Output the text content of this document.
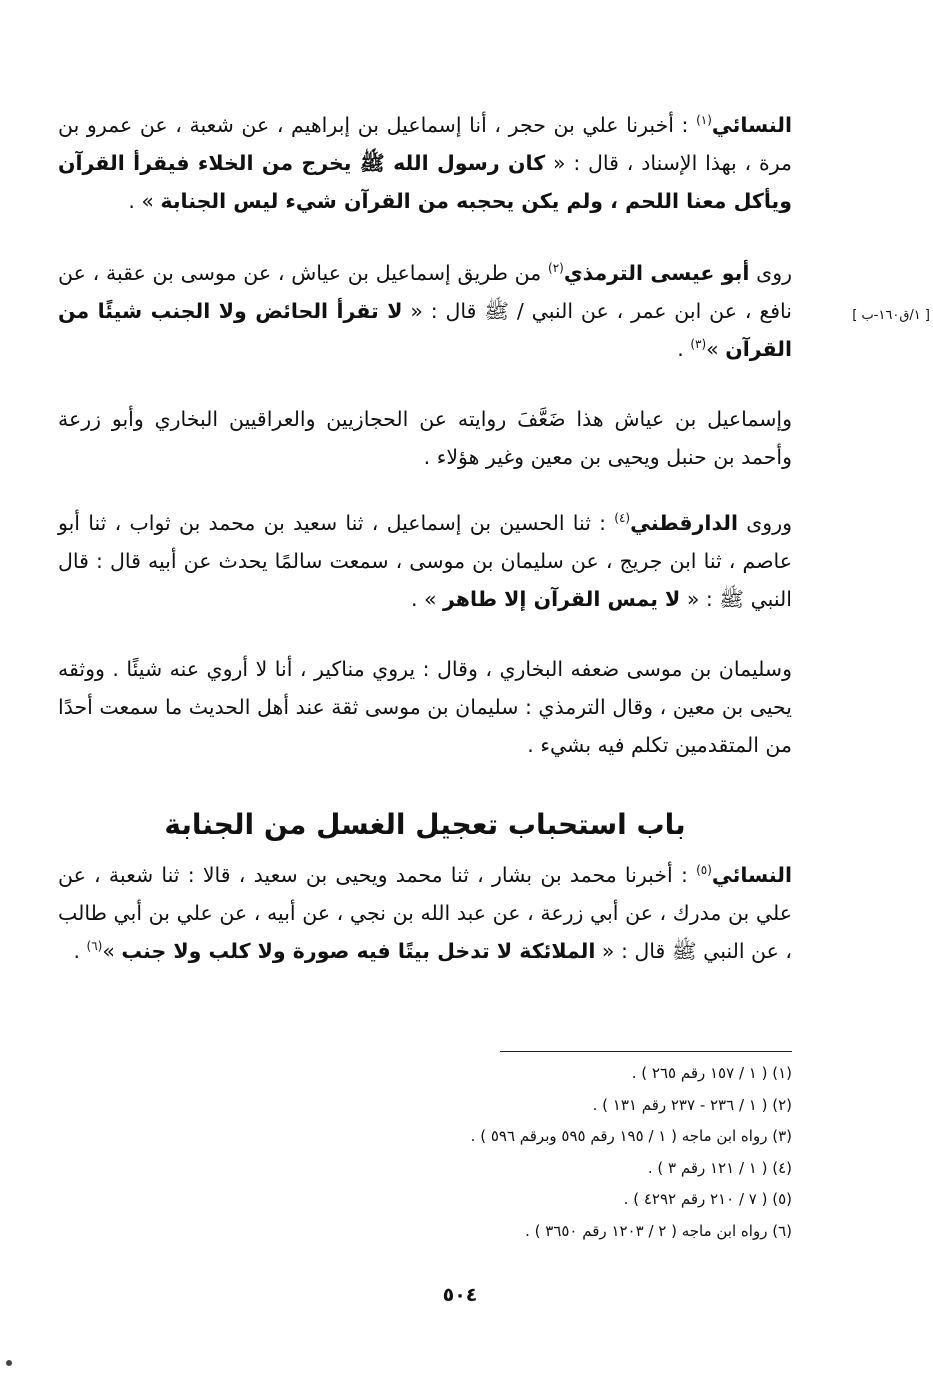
[ ١/ق١٦٠-ب ]

النسائي$^{(١)}$ : أخبرنا علي بن حجر ، أنا إسماعيل بن إبراهيم ، عن شعبة ، عن عمرو بن مرة ، بهذا الإسناد ، قال : « كان رسول الله ﷺ يخرج من الخلاء فيقرأ القرآن ويأكل معنا اللحم ، ولم يكن يحجبه من القرآن شيء ليس الجنابة » .

روى أبو عيسى الترمذي$^{(٢)}$ من طريق إسماعيل بن عياش ، عن موسى بن عقبة ، عن نافع ، عن ابن عمر ، عن النبي / ﷺ قال : « لا تقرأ الحائض ولا الجنب شيئًا من القرآن »$^{(٣)}$ .

وإسماعيل بن عياش هذا ضَعَّفَ روايته عن الحجازيين والعراقيين البخاري وأبو زرعة وأحمد بن حنبل ويحيى بن معين وغير هؤلاء .

وروى الدارقطني$^{(٤)}$ : ثنا الحسين بن إسماعيل ، ثنا سعيد بن محمد بن ثواب ، ثنا أبو عاصم ، ثنا ابن جريج ، عن سليمان بن موسى ، سمعت سالمًا يحدث عن أبيه قال : قال النبي ﷺ : « لا يمس القرآن إلا طاهر » .

وسليمان بن موسى ضعفه البخاري ، وقال : يروي مناكير ، أنا لا أروي عنه شيئًا . ووثقه يحيى بن معين ، وقال الترمذي : سليمان بن موسى ثقة عند أهل الحديث ما سمعت أحدًا من المتقدمين تكلم فيه بشيء .

باب استحباب تعجيل الغسل من الجنابة

النسائي$^{(٥)}$ : أخبرنا محمد بن بشار ، ثنا محمد ويحيى بن سعيد ، قالا : ثنا شعبة ، عن علي بن مدرك ، عن أبي زرعة ، عن عبد الله بن نجي ، عن أبيه ، عن علي بن أبي طالب ، عن النبي ﷺ قال : « الملائكة لا تدخل بيتًا فيه صورة ولا كلب ولا جنب »$^{(٦)}$ .

(١) ( ١ / ١٥٧ رقم ٢٦٥ ) .
(٢) ( ١ / ٢٣٦ - ٢٣٧ رقم ١٣١ ) .
(٣) رواه ابن ماجه ( ١ / ١٩٥ رقم ٥٩٥ وبرقم ٥٩٦ ) .
(٤) ( ١ / ١٢١ رقم ٣ ) .
(٥) ( ٧ / ٢١٠ رقم ٤٢٩٢ ) .
(٦) رواه ابن ماجه ( ٢ / ١٢٠٣ رقم ٣٦٥٠ ) .
٥٠٤
